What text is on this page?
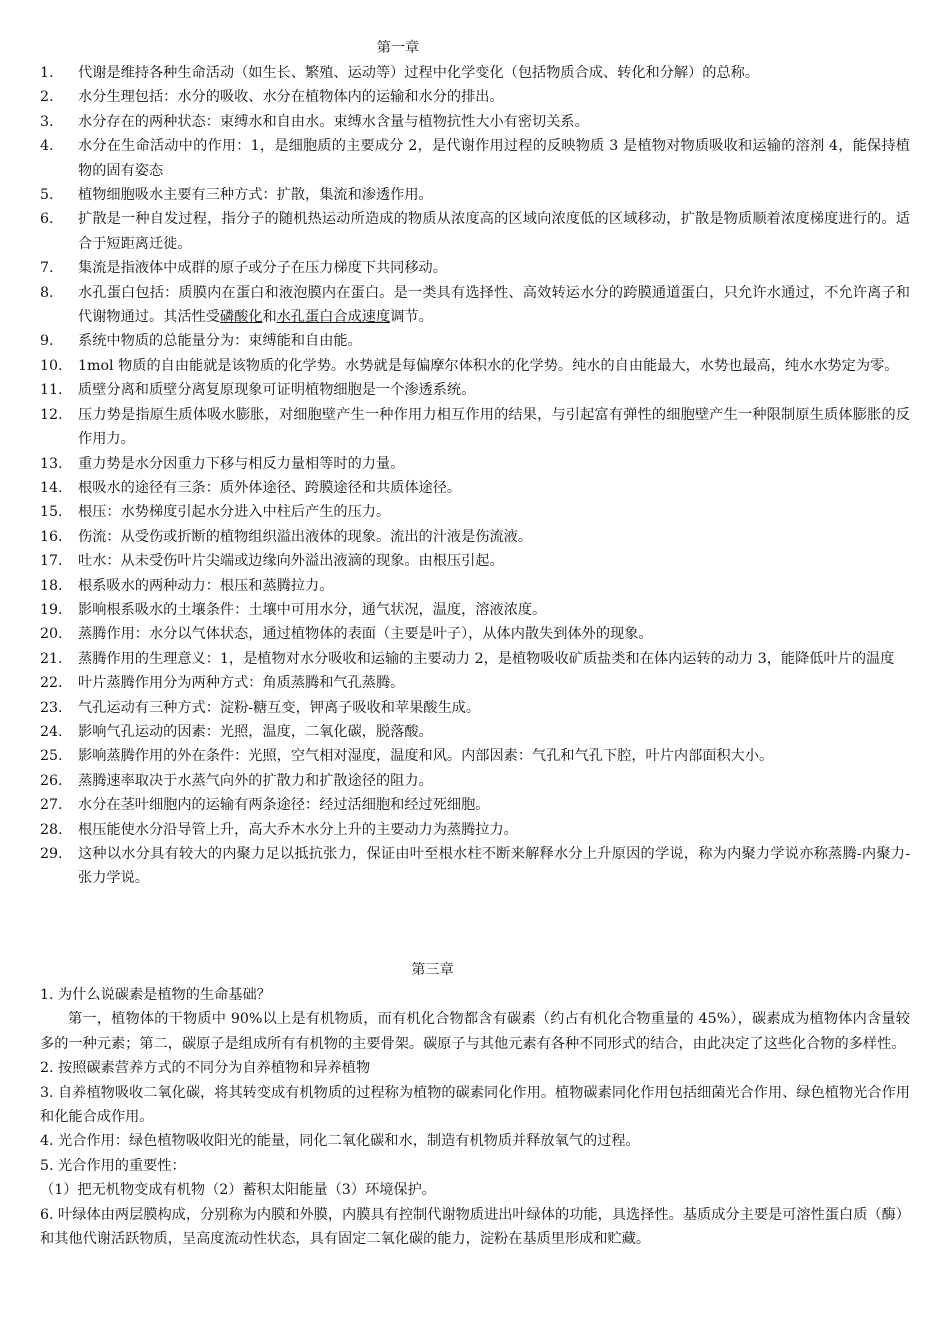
第一章
1.	代谢是维持各种生命活动（如生长、繁殖、运动等）过程中化学变化（包括物质合成、转化和分解）的总称。
2.	水分生理包括：水分的吸收、水分在植物体内的运输和水分的排出。
3.	水分存在的两种状态：束缚水和自由水。束缚水含量与植物抗性大小有密切关系。
4.	水分在生命活动中的作用：1，是细胞质的主要成分 2，是代谢作用过程的反映物质 3 是植物对物质吸收和运输的溶剂 4，能保持植物的固有姿态
5.	植物细胞吸水主要有三种方式：扩散，集流和渗透作用。
6.	扩散是一种自发过程，指分子的随机热运动所造成的物质从浓度高的区域向浓度低的区域移动，扩散是物质顺着浓度梯度进行的。适合于短距离迁徙。
7.	集流是指液体中成群的原子或分子在压力梯度下共同移动。
8.	水孔蛋白包括：质膜内在蛋白和液泡膜内在蛋白。是一类具有选择性、高效转运水分的跨膜通道蛋白，只允许水通过，不允许离子和代谢物通过。其活性受磷酸化和水孔蛋白合成速度调节。
9.	系统中物质的总能量分为：束缚能和自由能。
10.	1mol 物质的自由能就是该物质的化学势。水势就是每偏摩尔体积水的化学势。纯水的自由能最大，水势也最高，纯水水势定为零。
11.	质壁分离和质壁分离复原现象可证明植物细胞是一个渗透系统。
12.	压力势是指原生质体吸水膨胀，对细胞壁产生一种作用力相互作用的结果，与引起富有弹性的细胞壁产生一种限制原生质体膨胀的反作用力。
13.	重力势是水分因重力下移与相反力量相等时的力量。
14.	根吸水的途径有三条：质外体途径、跨膜途径和共质体途径。
15.	根压：水势梯度引起水分进入中柱后产生的压力。
16.	伤流：从受伤或折断的植物组织溢出液体的现象。流出的汁液是伤流液。
17.	吐水：从未受伤叶片尖端或边缘向外溢出液滴的现象。由根压引起。
18.	根系吸水的两种动力：根压和蒸腾拉力。
19.	影响根系吸水的土壤条件：土壤中可用水分，通气状况，温度，溶液浓度。
20.	蒸腾作用：水分以气体状态，通过植物体的表面（主要是叶子），从体内散失到体外的现象。
21.	蒸腾作用的生理意义：1，是植物对水分吸收和运输的主要动力 2，是植物吸收矿质盐类和在体内运转的动力 3，能降低叶片的温度
22.	叶片蒸腾作用分为两种方式：角质蒸腾和气孔蒸腾。
23.	气孔运动有三种方式：淀粉-糖互变，钾离子吸收和苹果酸生成。
24.	影响气孔运动的因素：光照，温度，二氧化碳，脱落酸。
25.	影响蒸腾作用的外在条件：光照，空气相对湿度，温度和风。内部因素：气孔和气孔下腔，叶片内部面积大小。
26.	蒸腾速率取决于水蒸气向外的扩散力和扩散途径的阻力。
27.	水分在茎叶细胞内的运输有两条途径：经过活细胞和经过死细胞。
28.	根压能使水分沿导管上升，高大乔木水分上升的主要动力为蒸腾拉力。
29.	这种以水分具有较大的内聚力足以抵抗张力，保证由叶至根水柱不断来解释水分上升原因的学说，称为内聚力学说亦称蒸腾-内聚力-张力学说。
第三章
1. 为什么说碳素是植物的生命基础？
第一，植物体的干物质中 90%以上是有机物质，而有机化合物都含有碳素（约占有机化合物重量的 45%），碳素成为植物体内含量较多的一种元素；第二，碳原子是组成所有有机物的主要骨架。碳原子与其他元素有各种不同形式的结合，由此决定了这些化合物的多样性。
2. 按照碳素营养方式的不同分为自养植物和异养植物
3. 自养植物吸收二氧化碳，将其转变成有机物质的过程称为植物的碳素同化作用。植物碳素同化作用包括细菌光合作用、绿色植物光合作用和化能合成作用。
4. 光合作用：绿色植物吸收阳光的能量，同化二氧化碳和水，制造有机物质并释放氧气的过程。
5. 光合作用的重要性：
（1）把无机物变成有机物（2）蓄积太阳能量（3）环境保护。
6. 叶绿体由两层膜构成，分别称为内膜和外膜，内膜具有控制代谢物质进出叶绿体的功能，具选择性。基质成分主要是可溶性蛋白质（酶）和其他代谢活跃物质，呈高度流动性状态，具有固定二氧化碳的能力，淀粉在基质里形成和贮藏。
